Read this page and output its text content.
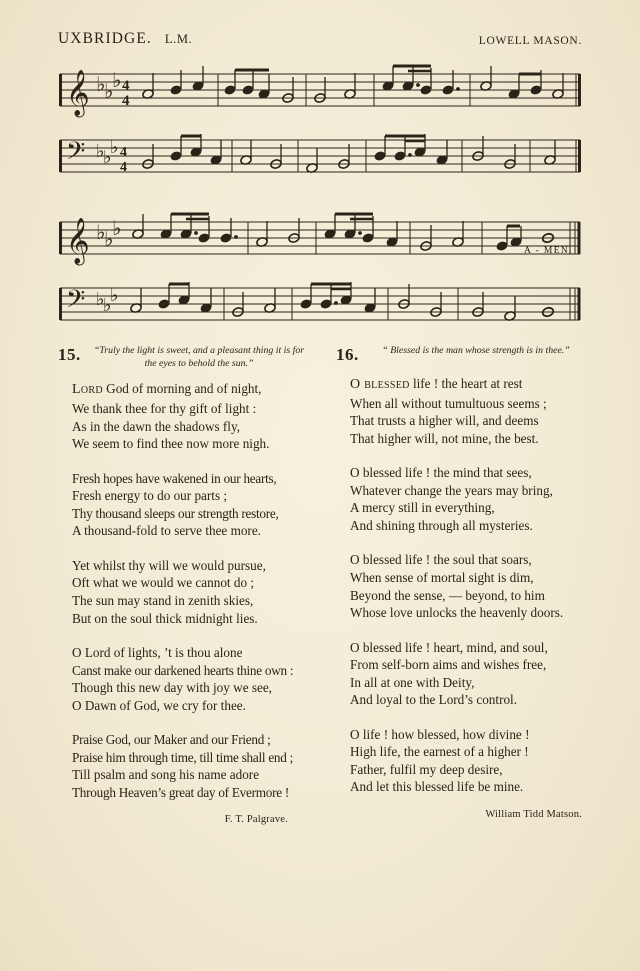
UXBRIDGE. L.M.	LOWELL MASON.
𝄞 ♭
♭
♭ 4
4
𝄢 ♭
♭
♭ 4
4
𝄞 ♭
♭
♭
A - MEN.
𝄢 ♭
♭
♭
15.	“Truly the light is sweet, and a pleasant thing it is for the eyes to behold the sun.”
Lord God of morning and of night,
We thank thee for thy gift of light :
As in the dawn the shadows fly,
We seem to find thee now more nigh.
Fresh hopes have wakened in our hearts,
Fresh energy to do our parts ;
Thy thousand sleeps our strength restore,
A thousand-fold to serve thee more.
Yet whilst thy will we would pursue,
Oft what we would we cannot do ;
The sun may stand in zenith skies,
But on the soul thick midnight lies.
O Lord of lights, ’t is thou alone
Canst make our darkened hearts thine own :
Though this new day with joy we see,
O Dawn of God, we cry for thee.
Praise God, our Maker and our Friend ;
Praise him through time, till time shall end ;
Till psalm and song his name adore
Through Heaven’s great day of Evermore !
F. T. Palgrave.
16.	“ Blessed is the man whose strength is in thee.”
O blessed life ! the heart at rest
When all without tumultuous seems ;
That trusts a higher will, and deems
That higher will, not mine, the best.
O blessed life ! the mind that sees,
Whatever change the years may bring,
A mercy still in everything,
And shining through all mysteries.
O blessed life ! the soul that soars,
When sense of mortal sight is dim,
Beyond the sense, — beyond, to him
Whose love unlocks the heavenly doors.
O blessed life ! heart, mind, and soul,
From self-born aims and wishes free,
In all at one with Deity,
And loyal to the Lord’s control.
O life ! how blessed, how divine !
High life, the earnest of a higher !
Father, fulfil my deep desire,
And let this blessed life be mine.
William Tidd Matson.
